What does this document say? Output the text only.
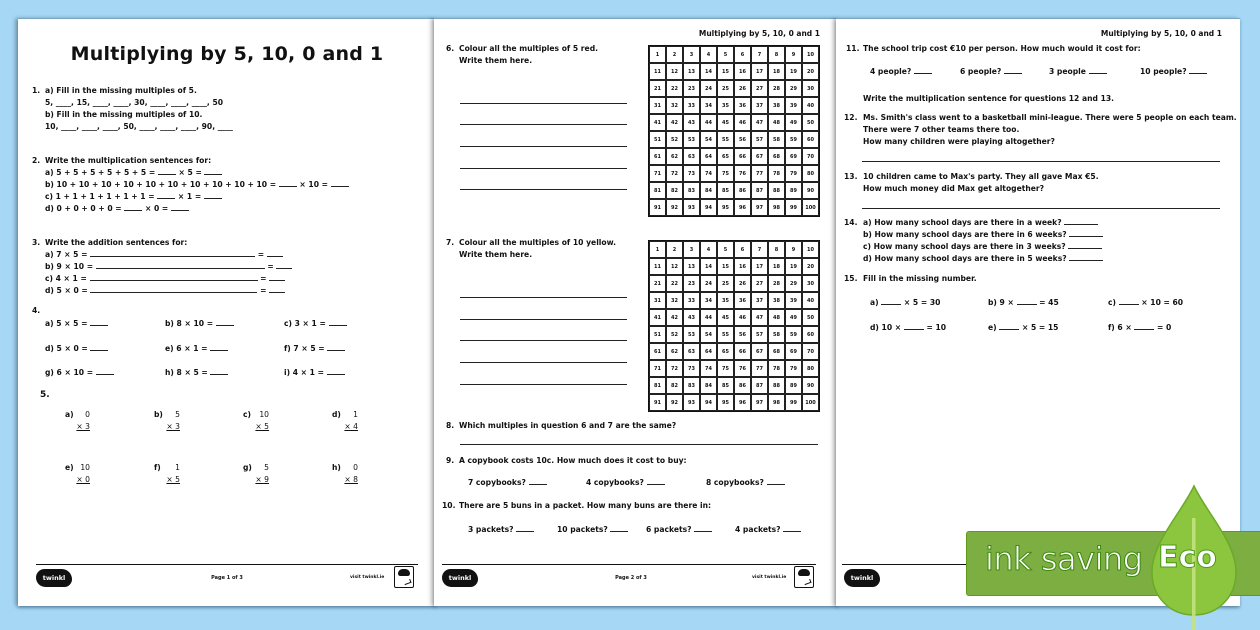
Multiplying by 5, 10, 0 and 1
1. a) Fill in the missing multiples of 5.
5, ____, 15, ____, ____, 30, ____, ____, ____, 50
b) Fill in the missing multiples of 10.
10, ____, ____, ____, 50, ____, ____, ____, 90, ____
2. Write the multiplication sentences for:
a) 5 + 5 + 5 + 5 + 5 + 5 =	× 5 =
b) 10 + 10 + 10 + 10 + 10 + 10 + 10 + 10 + 10 + 10 =	× 10 =
c) 1 + 1 + 1 + 1 + 1 + 1 =	× 1 =
d) 0 + 0 + 0 + 0 =	× 0 =
3. Write the addition sentences for:
a) 7 × 5 =	=
b) 9 × 10 =	=
c) 4 × 1 =	=
d) 5 × 0 =	=
4.
a) 5 × 5 =	b) 8 × 10 =	c) 3 × 1 =
d) 5 × 0 =	e) 6 × 1 =	f) 7 × 5 =
g) 6 × 10 =	h) 8 × 5 =	i) 4 × 1 =
5.
a)	0
× 3
b)	5
× 3
c)	10
× 5
d)	1
× 4
e) 10
× 0
f)	1
× 5
g)	5
× 9
h)	0
× 8
twinkl	Page 1 of 3	visit twinkl.ie
Multiplying by 5, 10, 0 and 1
6. Colour all the multiples of 5 red.
Write them here.
1	2	3	4	5	6	7	8	9	10
11	12	13	14	15	16	17	18	19	20
21	22	23	24	25	26	27	28	29	30
31	32	33	34	35	36	37	38	39	40
41	42	43	44	45	46	47	48	49	50
51	52	53	54	55	56	57	58	59	60
61	62	63	64	65	66	67	68	69	70
71	72	73	74	75	76	77	78	79	80
81	82	83	84	85	86	87	88	89	90
91	92	93	94	95	96	97	98	99	100
7. Colour all the multiples of 10 yellow.
Write them here.
1	2	3	4	5	6	7	8	9	10
11	12	13	14	15	16	17	18	19	20
21	22	23	24	25	26	27	28	29	30
31	32	33	34	35	36	37	38	39	40
41	42	43	44	45	46	47	48	49	50
51	52	53	54	55	56	57	58	59	60
61	62	63	64	65	66	67	68	69	70
71	72	73	74	75	76	77	78	79	80
81	82	83	84	85	86	87	88	89	90
91	92	93	94	95	96	97	98	99	100
8. Which multiples in question 6 and 7 are the same?
9. A copybook costs 10c. How much does it cost to buy:
7 copybooks?	4 copybooks?	8 copybooks?
10. There are 5 buns in a packet. How many buns are there in:
3 packets?	10 packets?	6 packets?	4 packets?
twinkl	Page 2 of 3	visit twinkl.ie
Multiplying by 5, 10, 0 and 1
11. The school trip cost €10 per person. How much would it cost for:
4 people?	6 people?	3 people	10 people?
Write the multiplication sentence for questions 12 and 13.
12. Ms. Smith's class went to a basketball mini-league. There were 5 people on each team.
There were 7 other teams there too.
How many children were playing altogether?
13. 10 children came to Max's party. They all gave Max €5.
How much money did Max get altogether?
14. a) How many school days are there in a week?
b) How many school days are there in 6 weeks?
c) How many school days are there in 3 weeks?
d) How many school days are there in 5 weeks?
15. Fill in the missing number.
a)	× 5 = 30	b) 9 ×	= 45	c)	× 10 = 60
d) 10 ×	= 10	e)	× 5 = 15	f) 6 ×	= 0
twinkl	ink saving Eco
